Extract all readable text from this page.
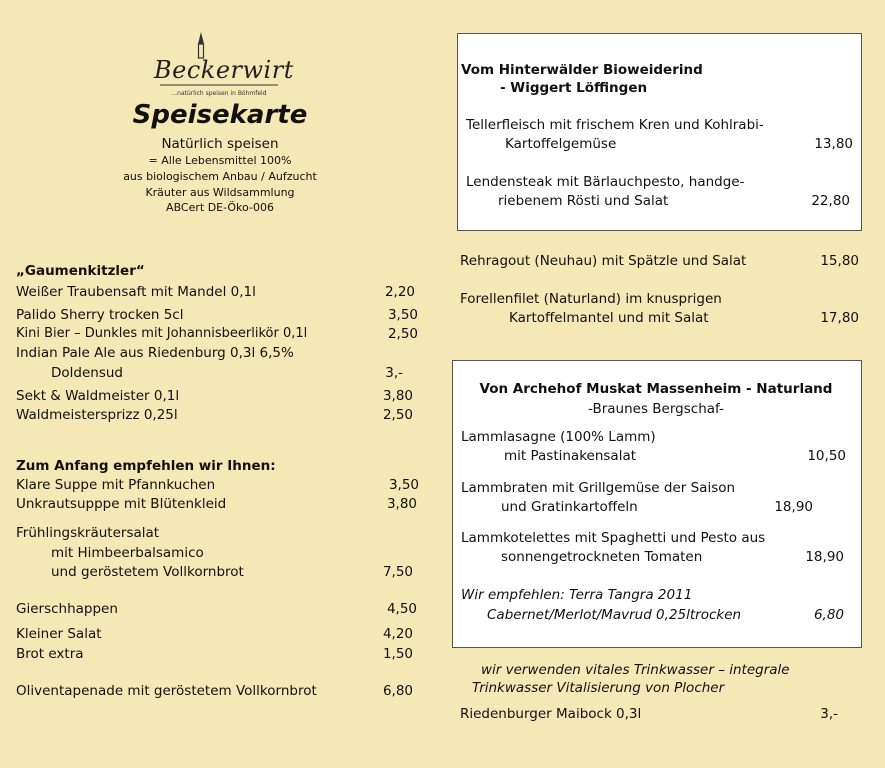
Beckerwirt
...natürlich speisen in Böhmfeld
Speisekarte
Natürlich speisen
= Alle Lebensmittel 100%
aus biologischem Anbau / Aufzucht
Kräuter aus Wildsammlung
ABCert DE-Öko-006
„Gaumenkitzler“
Weißer Traubensaft mit Mandel 0,1l	2,20
Palido Sherry trocken 5cl	3,50
Kini Bier – Dunkles mit Johannisbeerlikör 0,1l	2,50
Indian Pale Ale aus Riedenburg 0,3l 6,5%
Doldensud	3,-
Sekt & Waldmeister 0,1l	3,80
Waldmeistersprizz 0,25l	2,50
Zum Anfang empfehlen wir Ihnen:
Klare Suppe mit Pfannkuchen	3,50
Unkrautsupppe mit Blütenkleid	3,80
Frühlingskräutersalat
mit Himbeerbalsamico
und geröstetem Vollkornbrot	7,50
Gierschhappen	4,50
Kleiner Salat	4,20
Brot extra	1,50
Oliventapenade mit geröstetem Vollkornbrot	6,80
Vom Hinterwälder Bioweiderind
- Wiggert Löffingen
Tellerfleisch mit frischem Kren und Kohlrabi-
Kartoffelgemüse	13,80
Lendensteak mit Bärlauchpesto, handge-
riebenem Rösti und Salat	22,80
Rehragout (Neuhau) mit Spätzle und Salat	15,80
Forellenfilet (Naturland) im knusprigen
Kartoffelmantel und mit Salat	17,80
Von Archehof Muskat Massenheim - Naturland
-Braunes Bergschaf-
Lammlasagne (100% Lamm)
mit Pastinakensalat	10,50
Lammbraten mit Grillgemüse der Saison
und Gratinkartoffeln	18,90
Lammkotelettes mit Spaghetti und Pesto aus
sonnengetrockneten Tomaten	18,90
Wir empfehlen: Terra Tangra 2011
Cabernet/Merlot/Mavrud 0,25ltrocken	6,80
wir verwenden vitales Trinkwasser – integrale
Trinkwasser Vitalisierung von Plocher
Riedenburger Maibock 0,3l	3,-
